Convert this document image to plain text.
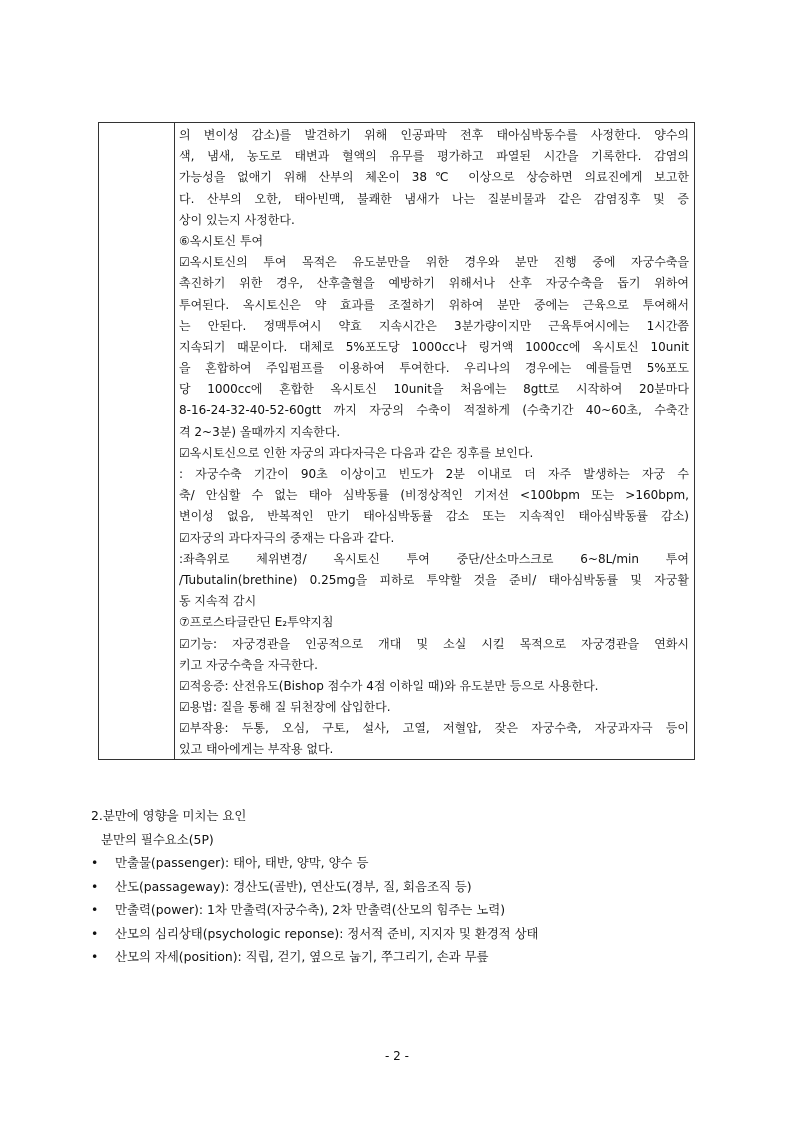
의 변이성 감소)를 발견하기 위해 인공파막 전후 태아심박동수를 사정한다. 양수의
색, 냄새, 농도로 태변과 혈액의 유무를 평가하고 파열된 시간을 기록한다. 감염의
가능성을 없애기 위해 산부의 체온이 38℃ 이상으로 상승하면 의료진에게 보고한
다. 산부의 오한, 태아빈맥, 불쾌한 냄새가 나는 질분비물과 같은 감염징후 및 증
상이 있는지 사정한다.
⑥옥시토신 투여
☑옥시토신의 투여 목적은 유도분만을 위한 경우와 분만 진행 중에 자궁수축을
촉진하기 위한 경우, 산후출혈을 예방하기 위해서나 산후 자궁수축을 돕기 위하여
투여된다. 옥시토신은 약 효과를 조절하기 위하여 분만 중에는 근육으로 투여해서
는 안된다. 정맥투여시 약효 지속시간은 3분가량이지만 근육투여시에는 1시간쯤
지속되기 때문이다. 대체로 5%포도당 1000cc나 링거액 1000cc에 옥시토신 10unit
을 혼합하여 주입펌프를 이용하여 투여한다. 우리나의 경우에는 예를들면 5%포도
당 1000cc에 혼합한 옥시토신 10unit을 처음에는 8gtt로 시작하여 20분마다
8-16-24-32-40-52-60gtt 까지 자궁의 수축이 적절하게 (수축기간 40~60초, 수축간
격 2~3분) 올때까지 지속한다.
☑옥시토신으로 인한 자궁의 과다자극은 다음과 같은 징후를 보인다.
: 자궁수축 기간이 90초 이상이고 빈도가 2분 이내로 더 자주 발생하는 자궁 수
축/ 안심할 수 없는 태아 심박동률 (비정상적인 기저선 <100bpm 또는 >160bpm,
변이성 없음, 반복적인 만기 태아심박동률 감소 또는 지속적인 태아심박동률 감소)
☑자궁의 과다자극의 중재는 다음과 같다.
:좌측위로 체위변경/ 옥시토신 투여 중단/산소마스크로 6~8L/min 투여
/Tubutalin(brethine) 0.25mg을 피하로 투약할 것을 준비/ 태아심박동률 및 자궁활
동 지속적 감시
⑦프로스타글란딘 E₂투약지침
☑기능: 자궁경관을 인공적으로 개대 및 소실 시킬 목적으로 자궁경관을 연화시
키고 자궁수축을 자극한다.
☑적응증: 산전유도(Bishop 점수가 4점 이하일 때)와 유도분만 등으로 사용한다.
☑용법: 질을 통해 질 뒤천장에 삽입한다.
☑부작용: 두통, 오심, 구토, 설사, 고열, 저혈압, 잦은 자궁수축, 자궁과자극 등이
있고 태아에게는 부작용 없다.
2.분만에 영향을 미치는 요인
분만의 필수요소(5P)
• 만출물(passenger): 태아, 태반, 양막, 양수 등
• 산도(passageway): 경산도(골반), 연산도(경부, 질, 회음조직 등)
• 만출력(power): 1차 만출력(자궁수축), 2차 만출력(산모의 힘주는 노력)
• 산모의 심리상태(psychologic reponse): 정서적 준비, 지지자 및 환경적 상태
• 산모의 자세(position): 직립, 걷기, 옆으로 눕기, 쭈그리기, 손과 무릎
- 2 -
